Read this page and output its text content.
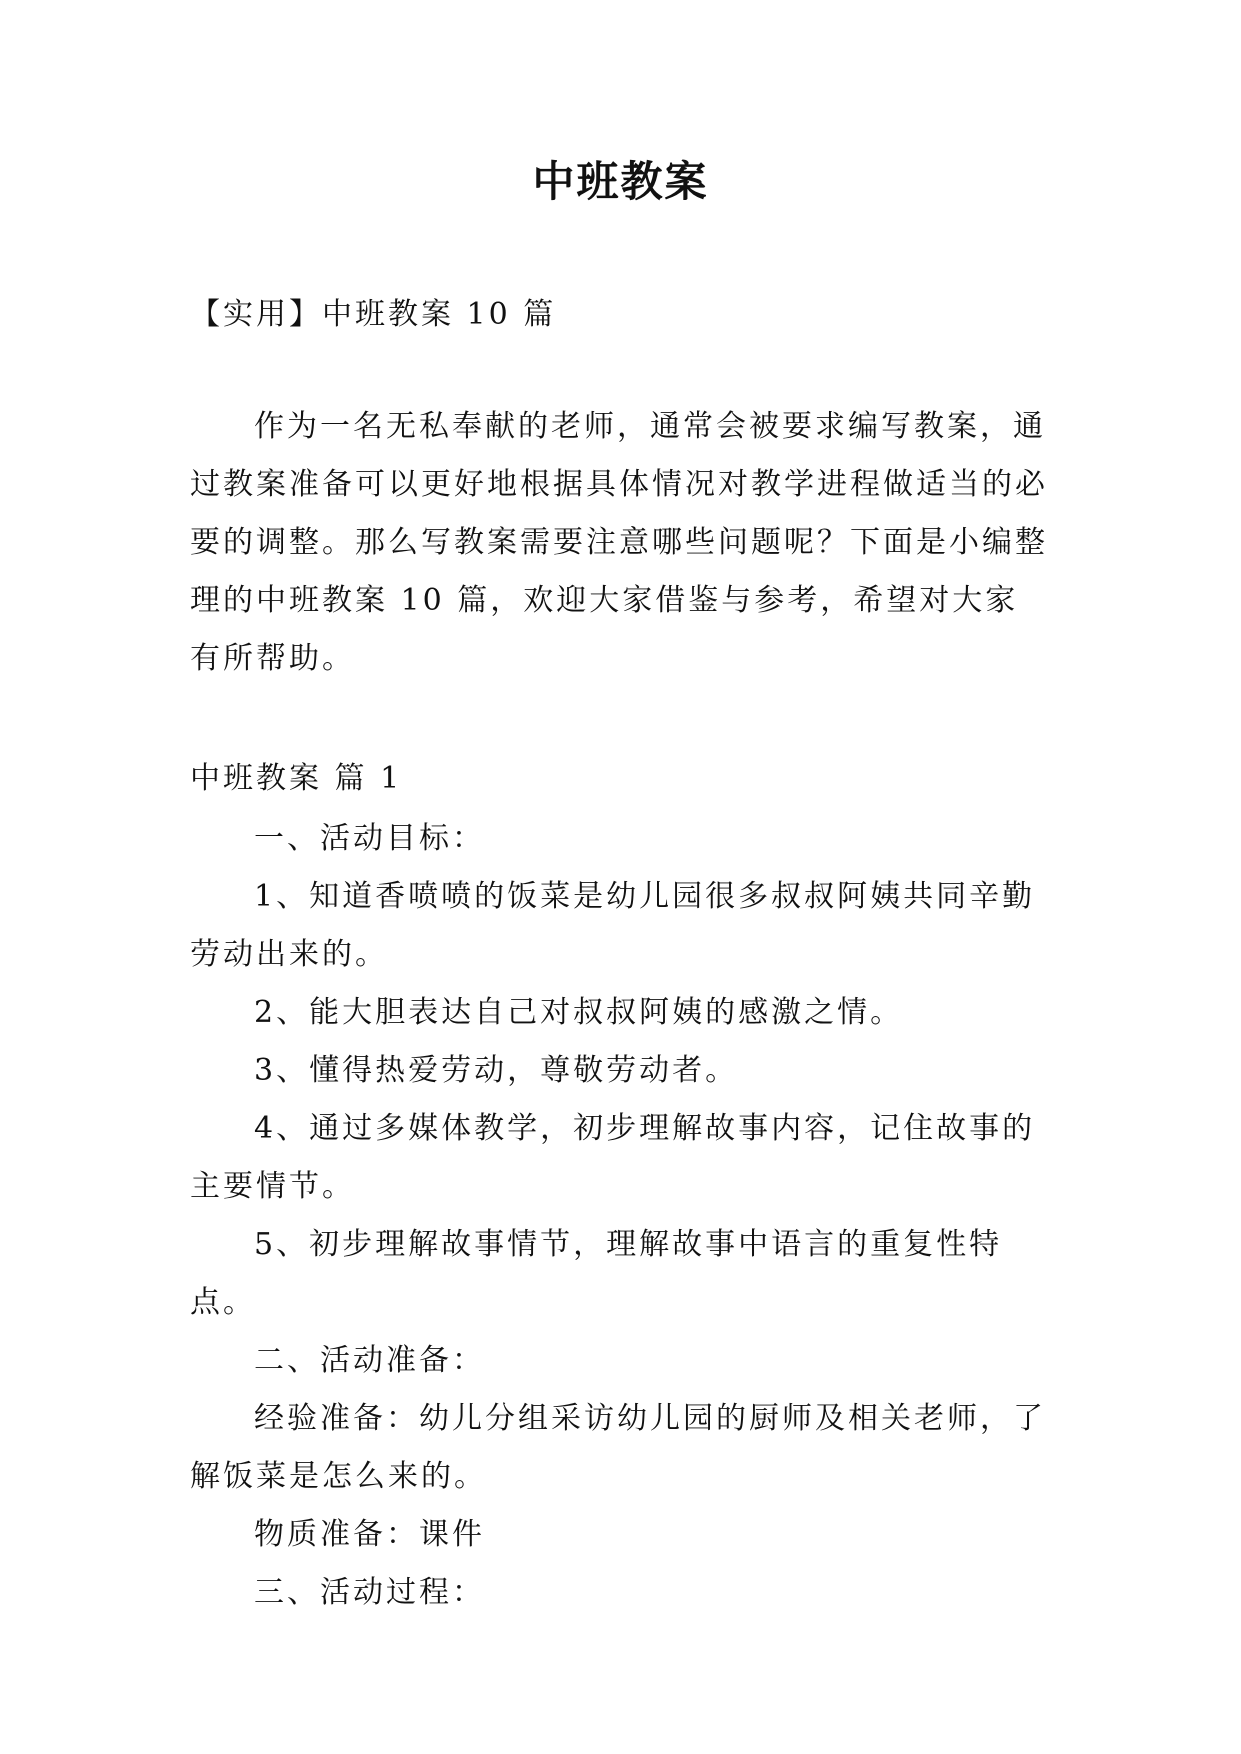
中班教案
【实用】中班教案 10 篇
作为一名无私奉献的老师，通常会被要求编写教案，通过教案准备可以更好地根据具体情况对教学进程做适当的必要的调整。那么写教案需要注意哪些问题呢？下面是小编整理的中班教案 10 篇，欢迎大家借鉴与参考，希望对大家有所帮助。
中班教案 篇 1

一、活动目标：

1、知道香喷喷的饭菜是幼儿园很多叔叔阿姨共同辛勤劳动出来的。

2、能大胆表达自己对叔叔阿姨的感激之情。

3、懂得热爱劳动，尊敬劳动者。

4、通过多媒体教学，初步理解故事内容，记住故事的主要情节。

5、初步理解故事情节，理解故事中语言的重复性特点。

二、活动准备：

经验准备：幼儿分组采访幼儿园的厨师及相关老师，了解饭菜是怎么来的。

物质准备：课件

三、活动过程：
